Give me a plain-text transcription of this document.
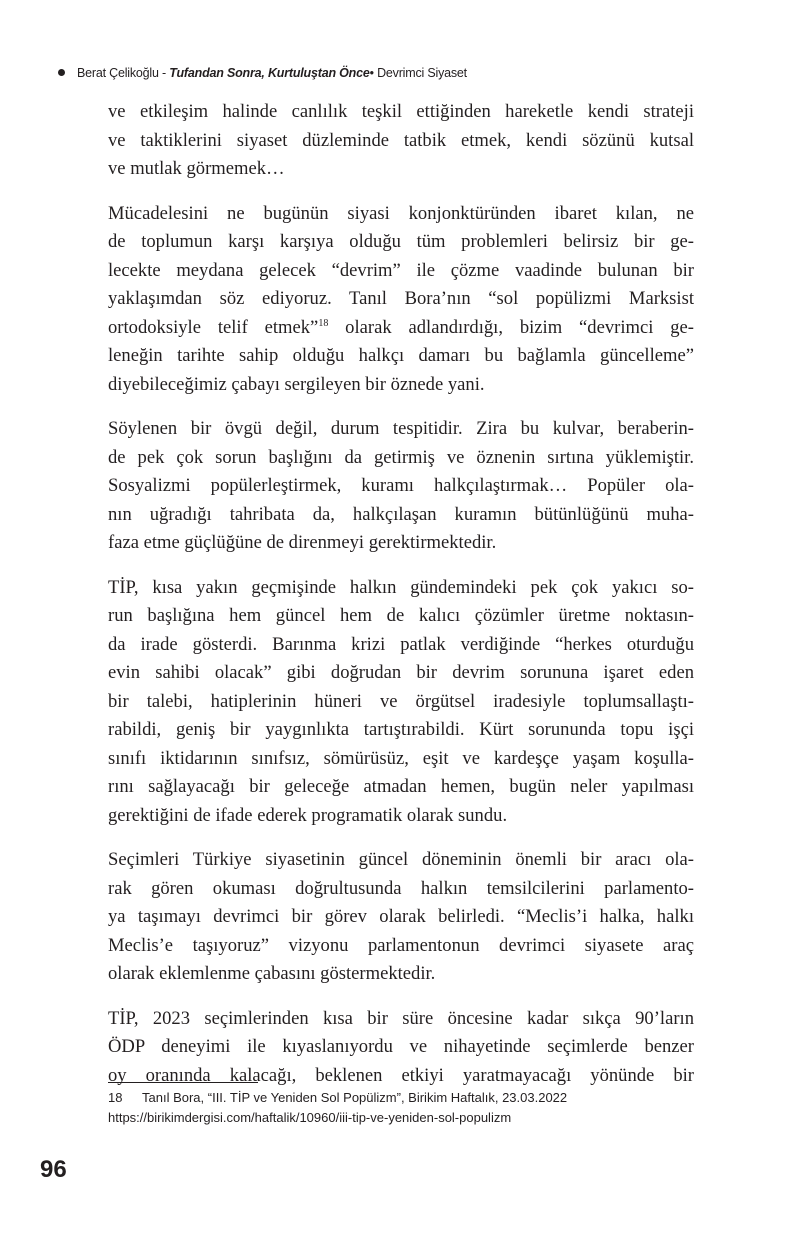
Berat Çelikoğlu - Tufandan Sonra, Kurtuluştan Önce• Devrimci Siyaset

ve etkileşim halinde canlılık teşkil ettiğinden hareketle kendi strateji
ve taktiklerini siyaset düzleminde tatbik etmek, kendi sözünü kutsal
ve mutlak görmemek…

Mücadelesini ne bugünün siyasi konjonktüründen ibaret kılan, ne
de toplumun karşı karşıya olduğu tüm problemleri belirsiz bir ge-
lecekte meydana gelecek “devrim” ile çözme vaadinde bulunan bir
yaklaşımdan söz ediyoruz. Tanıl Bora’nın “sol popülizmi Marksist
ortodoksiyle telif etmek”$^{18}$ olarak adlandırdığı, bizim “devrimci ge-
leneğin tarihte sahip olduğu halkçı damarı bu bağlamla güncelleme”
diyebileceğimiz çabayı sergileyen bir öznede yani.

Söylenen bir övgü değil, durum tespitidir. Zira bu kulvar, beraberin-
de pek çok sorun başlığını da getirmiş ve öznenin sırtına yüklemiştir.
Sosyalizmi popülerleştirmek, kuramı halkçılaştırmak… Popüler ola-
nın uğradığı tahribata da, halkçılaşan kuramın bütünlüğünü muha-
faza etme güçlüğüne de direnmeyi gerektirmektedir.

TİP, kısa yakın geçmişinde halkın gündemindeki pek çok yakıcı so-
run başlığına hem güncel hem de kalıcı çözümler üretme noktasın-
da irade gösterdi. Barınma krizi patlak verdiğinde “herkes oturduğu
evin sahibi olacak” gibi doğrudan bir devrim sorununa işaret eden
bir talebi, hatiplerinin hüneri ve örgütsel iradesiyle toplumsallaştı-
rabildi, geniş bir yaygınlıkta tartıştırabildi. Kürt sorununda topu işçi
sınıfı iktidarının sınıfsız, sömürüsüz, eşit ve kardeşçe yaşam koşulla-
rını sağlayacağı bir geleceğe atmadan hemen, bugün neler yapılması
gerektiğini de ifade ederek programatik olarak sundu.

Seçimleri Türkiye siyasetinin güncel döneminin önemli bir aracı ola-
rak gören okuması doğrultusunda halkın temsilcilerini parlamento-
ya taşımayı devrimci bir görev olarak belirledi. “Meclis’i halka, halkı
Meclis’e taşıyoruz” vizyonu parlamentonun devrimci siyasete araç
olarak eklemlenme çabasını göstermektedir.

TİP, 2023 seçimlerinden kısa bir süre öncesine kadar sıkça 90’ların
ÖDP deneyimi ile kıyaslanıyordu ve nihayetinde seçimlerde benzer
oy oranında kalacağı, beklenen etkiyi yaratmayacağı yönünde bir

18 Tanıl Bora, “III. TİP ve Yeniden Sol Popülizm”, Birikim Haftalık, 23.03.2022
https://birikimdergisi.com/haftalik/10960/iii-tip-ve-yeniden-sol-populizm
96
